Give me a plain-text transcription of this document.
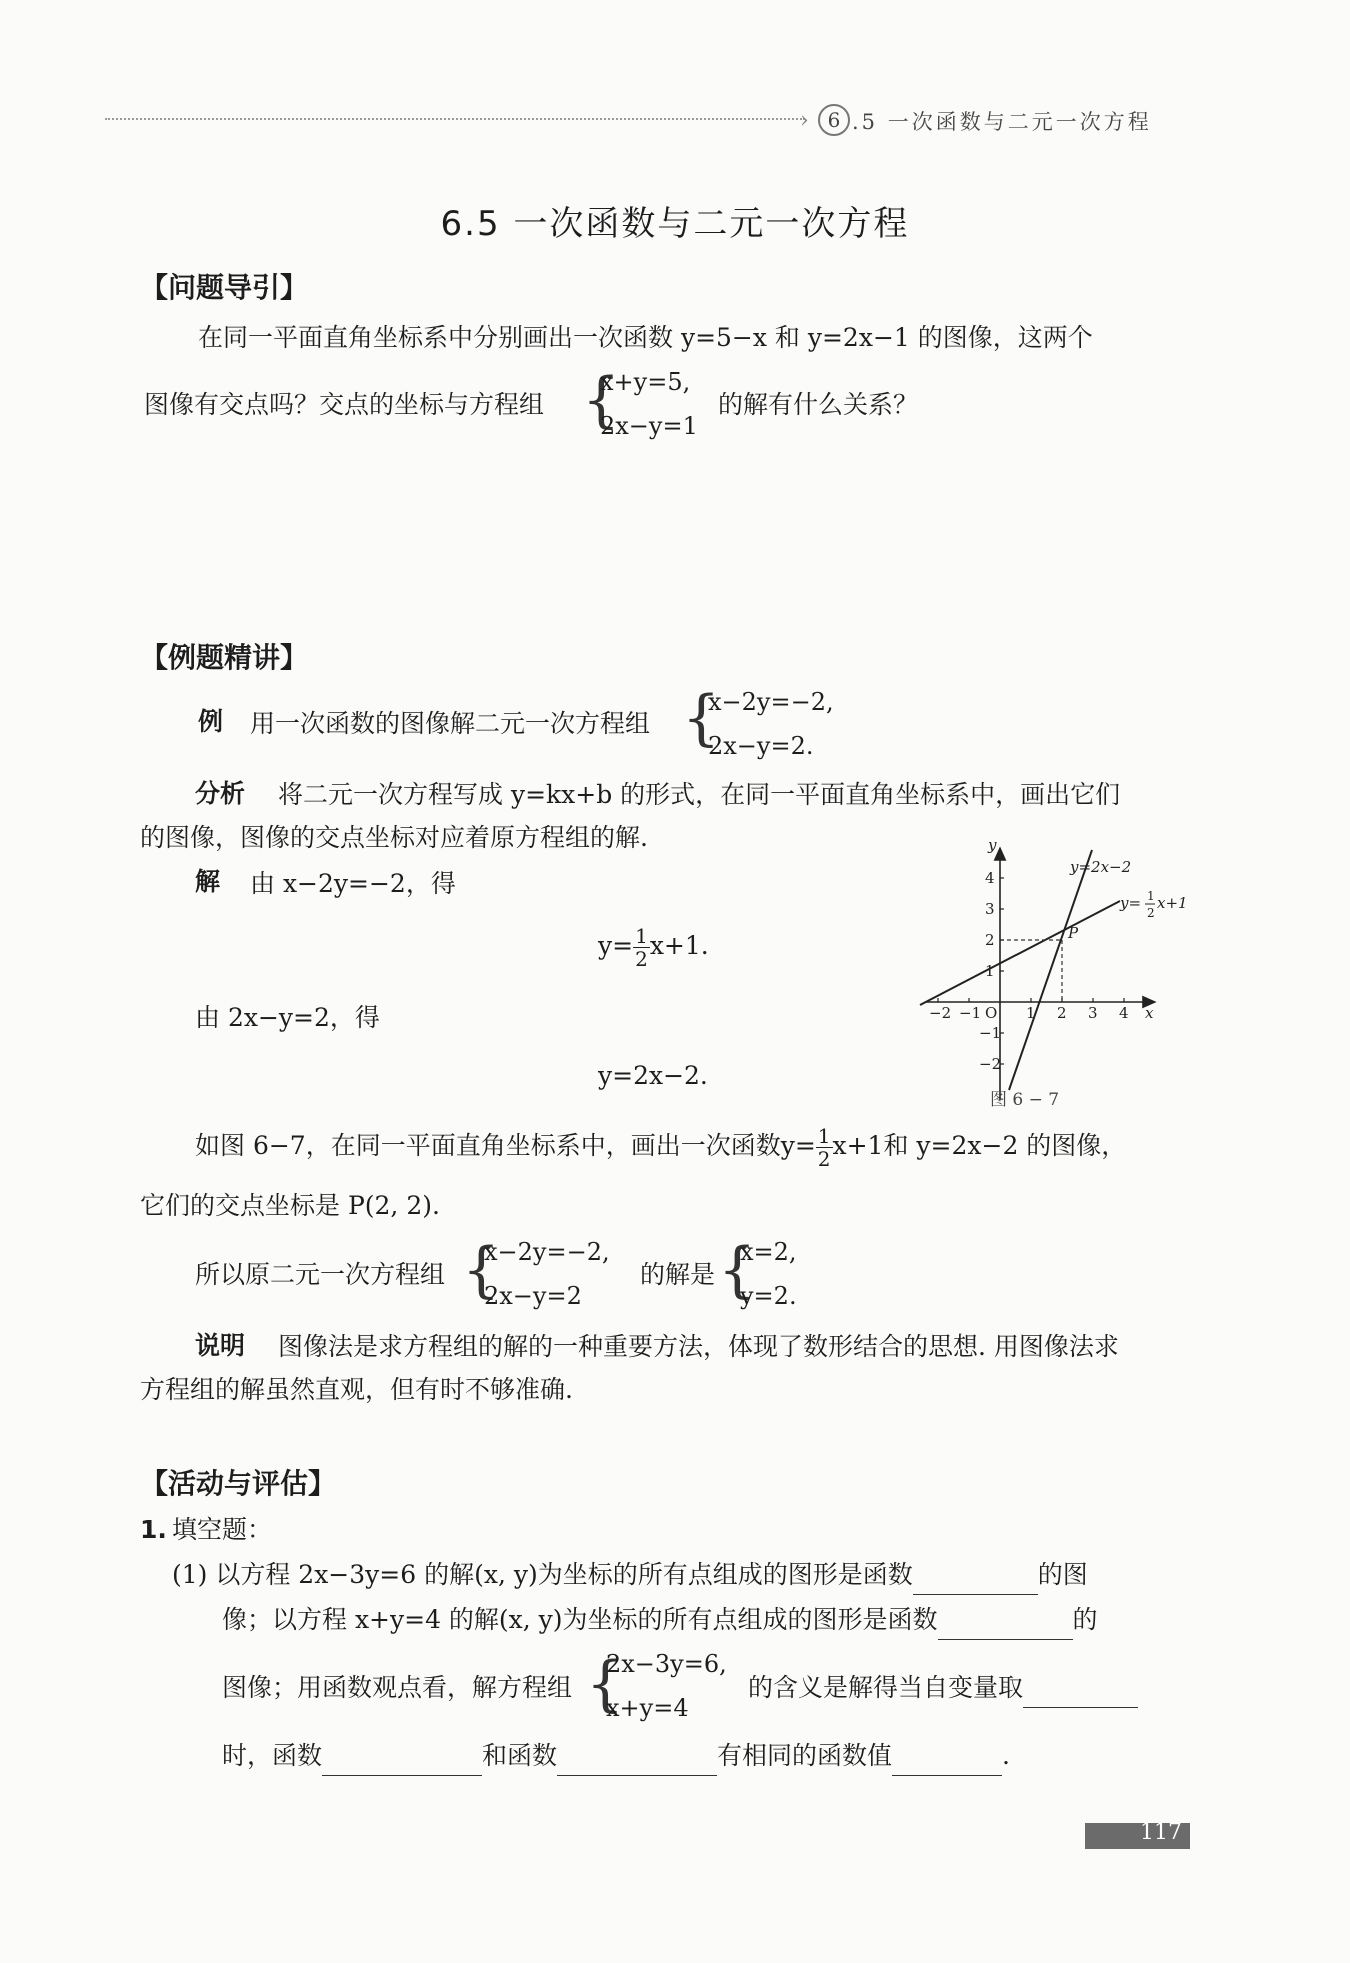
› 6 .5 一次函数与二元一次方程
6.5 一次函数与二元一次方程
【问题导引】
在同一平面直角坐标系中分别画出一次函数 y=5−x 和 y=2x−1 的图像，这两个
图像有交点吗？交点的坐标与方程组 {
x+y=5,
2x−y=1
的解有什么关系？
【例题精讲】
例 用一次函数的图像解二元一次方程组 {
x−2y=−2,
2x−y=2.
分析 将二元一次方程写成 y=kx+b 的形式，在同一平面直角坐标系中，画出它们
的图像，图像的交点坐标对应着原方程组的解.
解 由 x−2y=−2，得
$y= \frac{1}{2} x+1$.
由 2x−y=2，得
y=2x−2.
如图 6−7，在同一平面直角坐标系中，画出一次函数$y= \frac{1}{2} x+1$和 y=2x−2 的图像，
它们的交点坐标是 P(2, 2).
所以原二元一次方程组 {
x−2y=−2,
2x−y=2
的解是 {
x=2,
y=2.
说明 图像法是求方程组的解的一种重要方法，体现了数形结合的思想. 用图像法求
方程组的解虽然直观，但有时不够准确.
−2 −1	1 2 3 4
4
3
2
1
−1
−2
O	x
y
P
y=2x−2
y= 1
2
x+1
图 6 − 7
【活动与评估】
1. 填空题：
(1) 以方程 2x−3y=6 的解(x, y)为坐标的所有点组成的图形是函数	的图
像；以方程 x+y=4 的解(x, y)为坐标的所有点组成的图形是函数	的
图像；用函数观点看，解方程组 {
2x−3y=6,
x+y=4
的含义是解得当自变量取
时，函数	和函数	有相同的函数值	.
117
